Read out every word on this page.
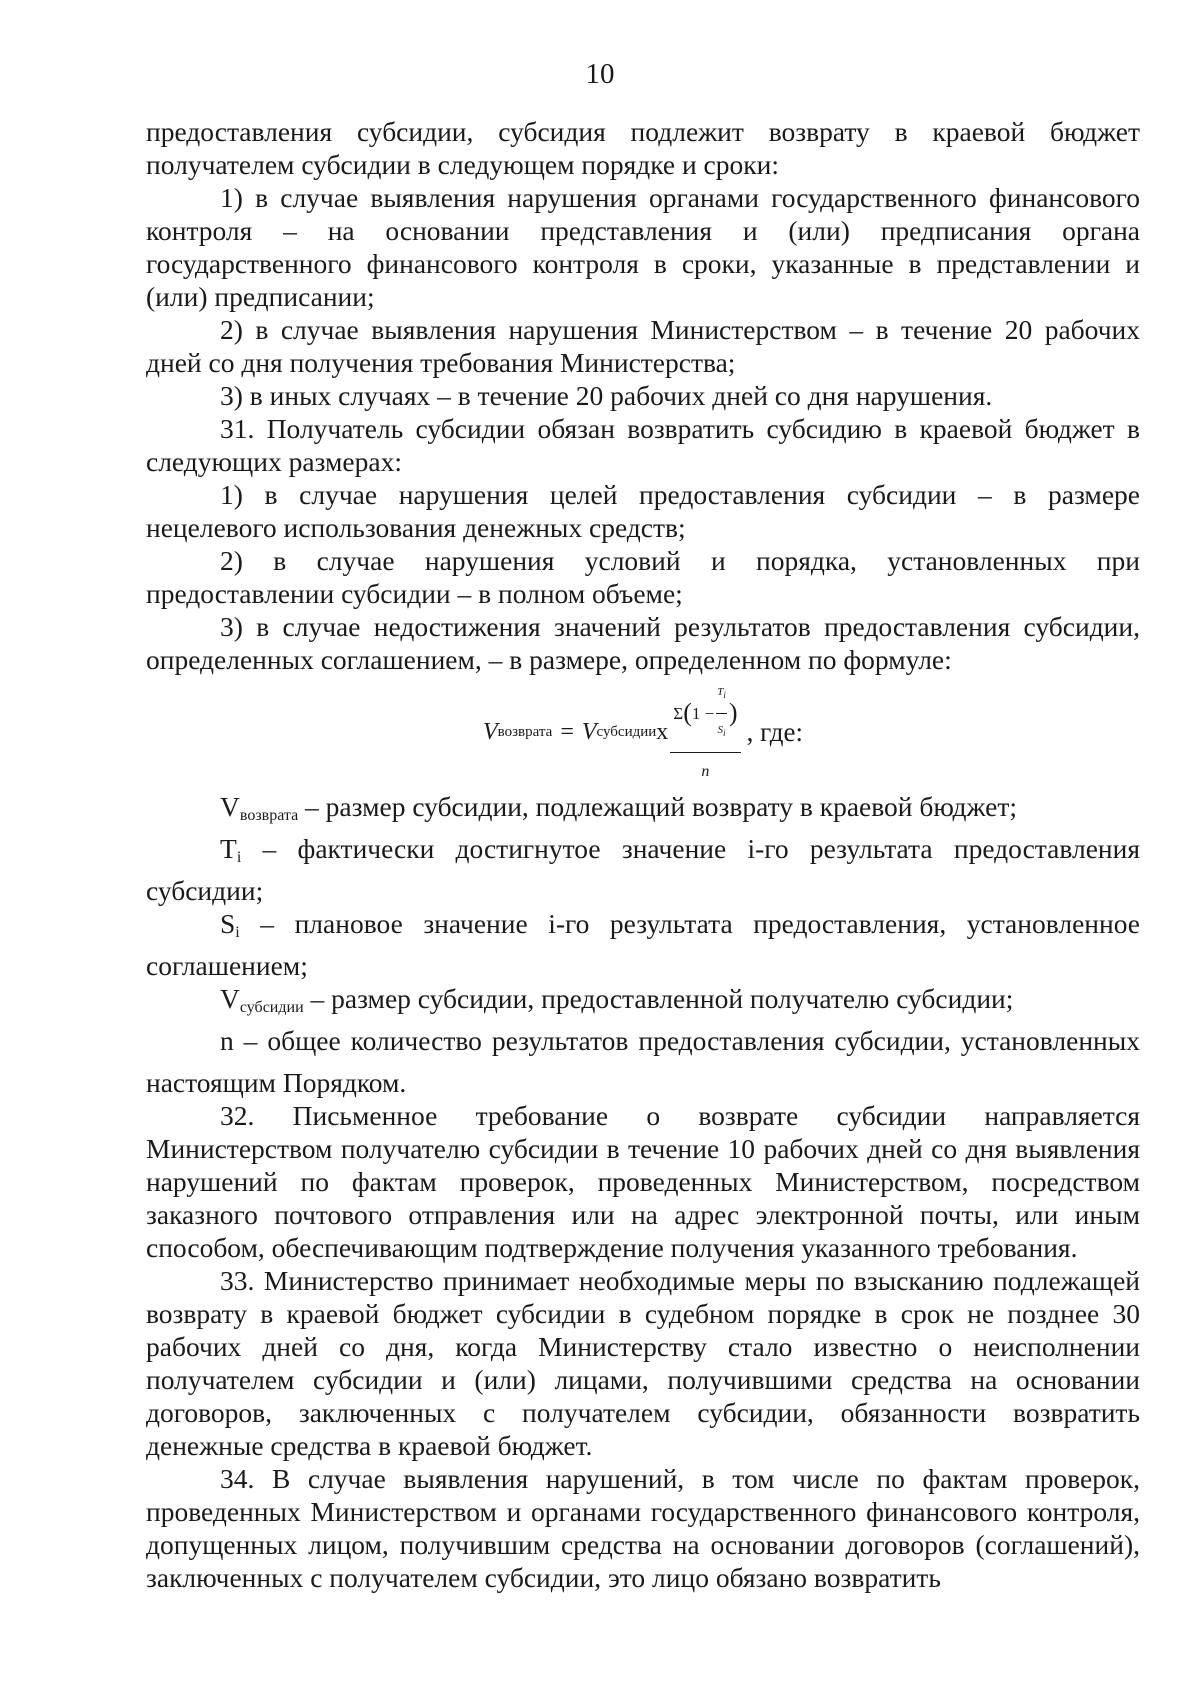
10

предоставления субсидии, субсидия подлежит возврату в краевой бюджет получателем субсидии в следующем порядке и сроки:

1) в случае выявления нарушения органами государственного финансового контроля – на основании представления и (или) предписания органа государственного финансового контроля в сроки, указанные в представлении и (или) предписании;

2) в случае выявления нарушения Министерством – в течение 20 рабочих дней со дня получения требования Министерства;

3) в иных случаях – в течение 20 рабочих дней со дня нарушения.

31. Получатель субсидии обязан возвратить субсидию в краевой бюджет в следующих размерах:

1) в случае нарушения целей предоставления субсидии – в размере нецелевого использования денежных средств;

2) в случае нарушения условий и порядка, установленных при предоставлении субсидии – в полном объеме;

3) в случае недостижения значений результатов предоставления субсидии, определенных соглашением, – в размере, определенном по формуле:

V возврата = V субсидии x
Σ ( $1 - \frac{T_i}{S_i}$ )
n
, где:

$V_{возврата}$ – размер субсидии, подлежащий возврату в краевой бюджет;

$T_i$ – фактически достигнутое значение i-го результата предоставления субсидии;

$S_i$ – плановое значение i-го результата предоставления, установленное соглашением;

$V_{субсидии}$ – размер субсидии, предоставленной получателю субсидии;

n – общее количество результатов предоставления субсидии, установленных настоящим Порядком.

32. Письменное требование о возврате субсидии направляется Министерством получателю субсидии в течение 10 рабочих дней со дня выявления нарушений по фактам проверок, проведенных Министерством, посредством заказного почтового отправления или на адрес электронной почты, или иным способом, обеспечивающим подтверждение получения указанного требования.

33. Министерство принимает необходимые меры по взысканию подлежащей возврату в краевой бюджет субсидии в судебном порядке в срок не позднее 30 рабочих дней со дня, когда Министерству стало известно о неисполнении получателем субсидии и (или) лицами, получившими средства на основании договоров, заключенных с получателем субсидии, обязанности возвратить денежные средства в краевой бюджет.

34. В случае выявления нарушений, в том числе по фактам проверок, проведенных Министерством и органами государственного финансового контроля, допущенных лицом, получившим средства на основании договоров (соглашений), заключенных с получателем субсидии, это лицо обязано возвратить
